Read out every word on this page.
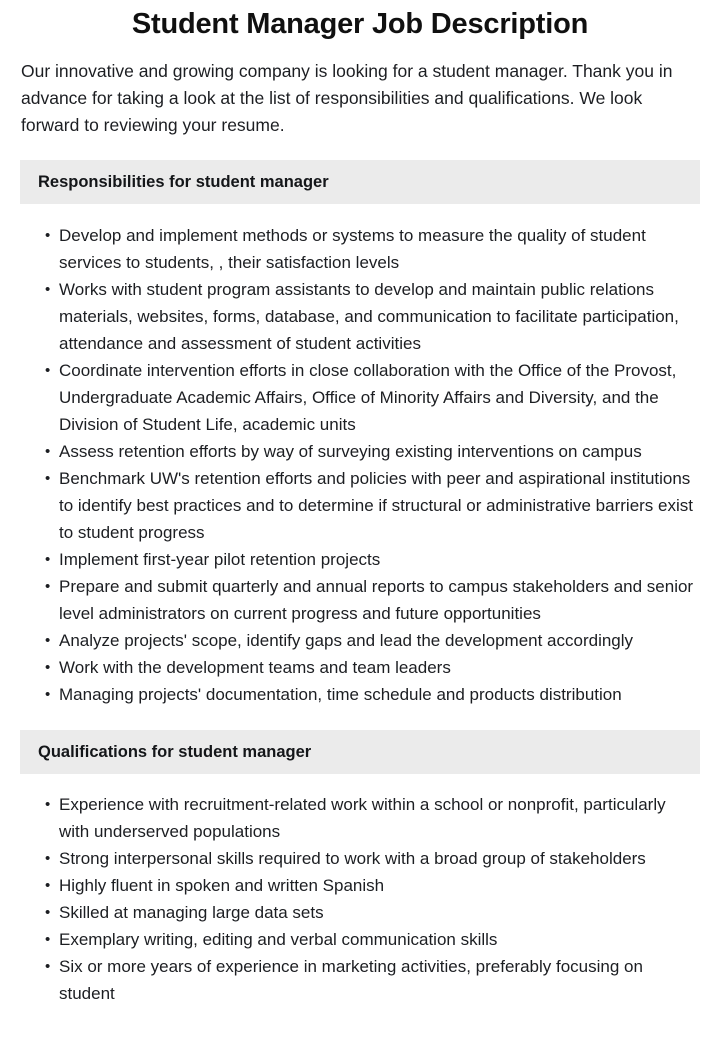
Student Manager Job Description

Our innovative and growing company is looking for a student manager. Thank you in advance for taking a look at the list of responsibilities and qualifications. We look forward to reviewing your resume.

Responsibilities for student manager
• Develop and implement methods or systems to measure the quality of student services to students, , their satisfaction levels
• Works with student program assistants to develop and maintain public relations materials, websites, forms, database, and communication to facilitate participation, attendance and assessment of student activities
• Coordinate intervention efforts in close collaboration with the Office of the Provost, Undergraduate Academic Affairs, Office of Minority Affairs and Diversity, and the Division of Student Life, academic units
• Assess retention efforts by way of surveying existing interventions on campus
• Benchmark UW's retention efforts and policies with peer and aspirational institutions to identify best practices and to determine if structural or administrative barriers exist to student progress
• Implement first-year pilot retention projects
• Prepare and submit quarterly and annual reports to campus stakeholders and senior level administrators on current progress and future opportunities
• Analyze projects' scope, identify gaps and lead the development accordingly
• Work with the development teams and team leaders
• Managing projects' documentation, time schedule and products distribution
Qualifications for student manager
• Experience with recruitment-related work within a school or nonprofit, particularly with underserved populations
• Strong interpersonal skills required to work with a broad group of stakeholders
• Highly fluent in spoken and written Spanish
• Skilled at managing large data sets
• Exemplary writing, editing and verbal communication skills
• Six or more years of experience in marketing activities, preferably focusing on student
